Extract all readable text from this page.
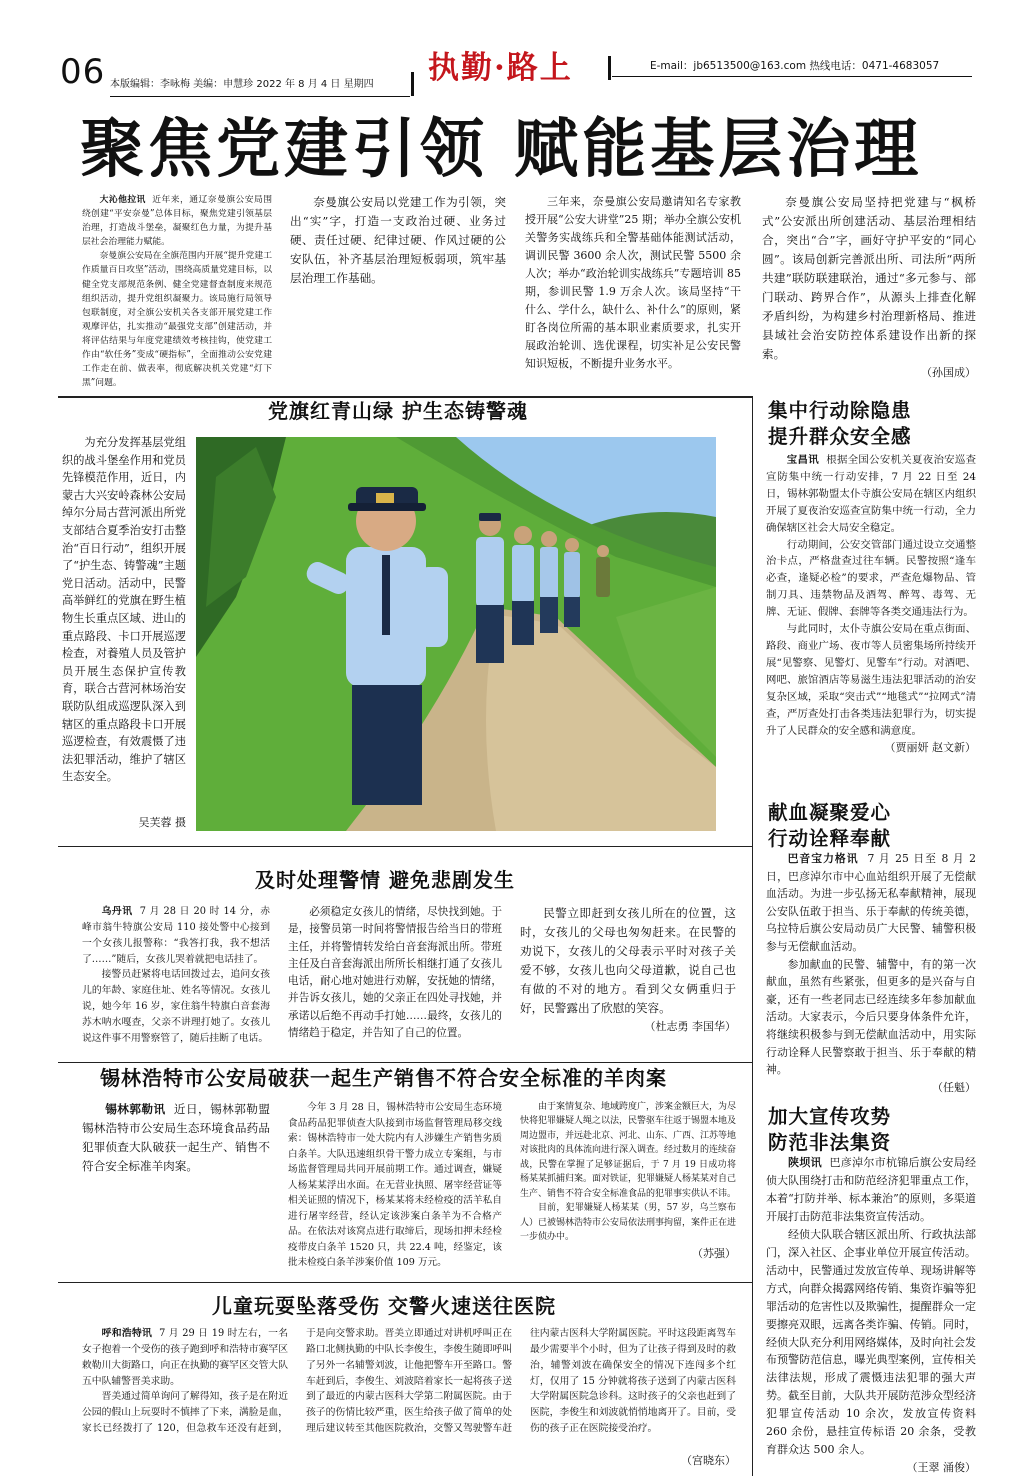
06 本版编辑：李咏梅 美编：申慧珍 2022 年 8 月 4 日 星期四 执勤·路上	E-mail：jb6513500@163.com 热线电话：0471-4683057
聚焦党建引领 赋能基层治理

大沁他拉讯 近年来，通辽奈曼旗公安局围绕创建“平安奈曼”总体目标，聚焦党建引领基层治理，打造战斗堡垒，凝聚红色力量，为提升基层社会治理能力赋能。

奈曼旗公安局在全旗范围内开展“提升党建工作质量百日攻坚”活动，围绕高质量党建目标，以健全党支部规范条例、健全党建督查制度来规范组织活动，提升党组织凝聚力。该局施行局领导包联制度，对全旗公安机关各支部开展党建工作观摩评估，扎实推动“最强党支部”创建活动，并将评估结果与年度党建绩效考核挂钩，使党建工作由“软任务”变成“硬指标”，全面推动公安党建工作走在前、做表率，彻底解决机关党建“灯下黑”问题。

奈曼旗公安局以党建工作为引领，突出“实”字，打造一支政治过硬、业务过硬、责任过硬、纪律过硬、作风过硬的公安队伍，补齐基层治理短板弱项，筑牢基层治理工作基础。

三年来，奈曼旗公安局邀请知名专家教授开展“公安大讲堂”25 期；举办全旗公安机关警务实战练兵和全警基础体能测试活动，调训民警 3600 余人次，测试民警 5500 余人次；举办“政治轮训实战练兵”专题培训 85 期，参训民警 1.9 万余人次。该局坚持“干什么、学什么，缺什么、补什么”的原则，紧盯各岗位所需的基本职业素质要求，扎实开展政治轮训、选优课程，切实补足公安民警知识短板，不断提升业务水平。

奈曼旗公安局坚持把党建与“枫桥式”公安派出所创建活动、基层治理相结合，突出“合”字，画好守护平安的“同心圆”。该局创新完善派出所、司法所“两所共建”联防联建联治，通过“多元参与、部门联动、跨界合作”，从源头上排查化解矛盾纠纷，为构建乡村治理新格局、推进县域社会治安防控体系建设作出新的探索。

（孙国成）

党旗红青山绿 护生态铸警魂

为充分发挥基层党组织的战斗堡垒作用和党员先锋模范作用，近日，内蒙古大兴安岭森林公安局绰尔分局古营河派出所党支部结合夏季治安打击整治“百日行动”，组织开展了“护生态、铸警魂”主题党日活动。活动中，民警高举鲜红的党旗在野生植物生长重点区域、进山的重点路段、卡口开展巡逻检查，对養殖人员及管护员开展生态保护宣传教育，联合古营河林场治安联防队组成巡逻队深入到辖区的重点路段卡口开展巡逻检查，有效震慑了违法犯罪活动，维护了辖区生态安全。

吴芙蓉 摄
及时处理警情 避免悲剧发生

乌丹讯 7 月 28 日 20 时 14 分，赤峰市翁牛特旗公安局 110 接处警中心接到一个女孩儿报警称：“我答打我，我不想活了……”随后，女孩儿哭着就把电话挂了。

接警员赶紧将电话回拨过去，追问女孩儿的年龄、家庭住址、姓名等情况。女孩儿说，她今年 16 岁，家住翁牛特旗白音套海苏木呐水嘎查，父亲不讲理打她了。女孩儿说这件事不用警察管了，随后挂断了电话。

必须稳定女孩儿的情绪，尽快找到她。于是，接警员第一时间将警情报告给当日的带班主任，并将警情转发给白音套海派出所。带班主任及白音套海派出所所长相继打通了女孩儿电话，耐心地对她进行劝解，安抚她的情绪，并告诉女孩儿，她的父亲正在四处寻找她，并承诺以后绝不再动手打她……最终，女孩儿的情绪趋于稳定，并告知了自己的位置。

民警立即赶到女孩儿所在的位置，这时，女孩儿的父母也匆匆赶来。在民警的劝说下，女孩儿的父母表示平时对孩子关爱不够，女孩儿也向父母道歉，说自己也有做的不对的地方。看到父女俩重归于好，民警露出了欣慰的笑容。

（杜志勇 李国华）

锡林浩特市公安局破获一起生产销售不符合安全标准的羊肉案

锡林郭勒讯 近日，锡林郭勒盟锡林浩特市公安局生态环境食品药品犯罪侦查大队破获一起生产、销售不符合安全标准羊肉案。

今年 3 月 28 日，锡林浩特市公安局生态环境食品药品犯罪侦查大队接到市场监督管理局移交线索：锡林浩特市一处大院内有人涉嫌生产销售劣质白条羊。大队迅速组织骨干警力成立专案组，与市场监督管理局共同开展前期工作。通过调查，嫌疑人杨某某浮出水面。在无营业执照、屠宰经营证等相关证照的情况下，杨某某将未经检疫的活羊私自进行屠宰经营，经认定该涉案白条羊为不合格产品。在依法对该窝点进行取缔后，现场扣押未经检疫带皮白条羊 1520 只，共 22.4 吨，经鉴定，该批未检疫白条羊涉案价值 109 万元。

由于案情复杂、地域跨度广，涉案金额巨大，为尽快将犯罪嫌疑人绳之以法，民警驱车往返于锡盟本地及周边盟市，并远赴北京、河北、山东、广西、江苏等地对该批肉的具体流向进行深入调查。经过数月的连续奋战，民警在掌握了足够证据后，于 7 月 19 日成功将杨某某抓捕归案。面对铁证，犯罪嫌疑人杨某某对自己生产、销售不符合安全标准食品的犯罪事实供认不讳。

目前，犯罪嫌疑人杨某某（男，57 岁，乌兰察布人）已被锡林浩特市公安局依法刑事拘留，案件正在进一步侦办中。

（苏强）

儿童玩耍坠落受伤 交警火速送往医院

呼和浩特讯 7 月 29 日 19 时左右，一名女子抱着一个受伤的孩子跑到呼和浩特市赛罕区敕勒川大街路口，向正在执勤的赛罕区交管大队五中队辅警晋美求助。

晋美通过简单询问了解得知，孩子是在附近公园的假山上玩耍时不慎摔了下来，满脸是血，家长已经拨打了 120，但急救车还没有赶到，于是向交警求助。晋美立即通过对讲机呼叫正在路口北侧执勤的中队长李俊生，李俊生随即呼叫了另外一名辅警刘波，让他把警车开至路口。警车赶到后，李俊生、刘波陪着家长一起将孩子送到了最近的内蒙古医科大学第二附属医院。由于孩子的伤情比较严重，医生给孩子做了简单的处理后建议转至其他医院救治，交警又驾驶警车赶往内蒙古医科大学附属医院。平时这段距离驾车最少需要半个小时，但为了让孩子得到及时的救治，辅警刘波在确保安全的情况下连闯多个红灯，仅用了 15 分钟就将孩子送到了内蒙古医科大学附属医院急诊科。这时孩子的父亲也赶到了医院，李俊生和刘波就悄悄地离开了。目前，受伤的孩子正在医院接受治疗。

（宫晓东）
集中行动除隐患
提升群众安全感

宝昌讯 根据全国公安机关夏夜治安巡查宣防集中统一行动安排，7 月 22 日至 24 日，锡林郭勒盟太仆寺旗公安局在辖区内组织开展了夏夜治安巡查宣防集中统一行动，全力确保辖区社会大局安全稳定。

行动期间，公安交管部门通过设立交通整治卡点，严格盘查过往车辆。民警按照“逢车必查，逢疑必检”的要求，严查危爆物品、管制刀具、违禁物品及酒驾、醉驾、毒驾、无牌、无证、假牌、套牌等各类交通违法行为。

与此同时，太仆寺旗公安局在重点街面、路段、商业广场、夜市等人员密集场所持续开展“见警察、见警灯、见警车”行动。对酒吧、网吧、旅馆酒店等易滋生违法犯罪活动的治安复杂区域，采取“突击式”“地毯式”“拉网式”清查，严厉查处打击各类违法犯罪行为，切实提升了人民群众的安全感和满意度。

（贾丽妍 赵文新）

献血凝聚爱心
行动诠释奉献

巴音宝力格讯 7 月 25 日至 8 月 2 日，巴彦淖尔市中心血站组织开展了无偿献血活动。为进一步弘扬无私奉献精神，展现公安队伍敢于担当、乐于奉献的传统美德，乌拉特后旗公安局动员广大民警、辅警积极参与无偿献血活动。

参加献血的民警、辅警中，有的第一次献血，虽然有些紧张，但更多的是兴奋与自豪，还有一些老同志已经连续多年参加献血活动。大家表示，今后只要身体条件允许，将继续积极参与到无偿献血活动中，用实际行动诠释人民警察敢于担当、乐于奉献的精神。

（任魁）

加大宣传攻势
防范非法集资

陕坝讯 巴彦淖尔市杭锦后旗公安局经侦大队围绕打击和防范经济犯罪重点工作，本着“打防并举、标本兼治”的原则，多渠道开展打击防范非法集资宣传活动。

经侦大队联合辖区派出所、行政执法部门，深入社区、企事业单位开展宣传活动。活动中，民警通过发放宣传单、现场讲解等方式，向群众揭露网络传销、集资诈骗等犯罪活动的危害性以及欺骗性，提醒群众一定要擦亮双眼，远离各类诈骗、传销。同时，经侦大队充分利用网络媒体，及时向社会发布预警防范信息，曝光典型案例，宣传相关法律法规，形成了震慑违法犯罪的强大声势。截至目前，大队共开展防范涉众型经济犯罪宣传活动 10 余次，发放宣传资料 260 余份，悬挂宣传标语 20 余条，受教育群众达 500 余人。

（王翠 涌俊）
